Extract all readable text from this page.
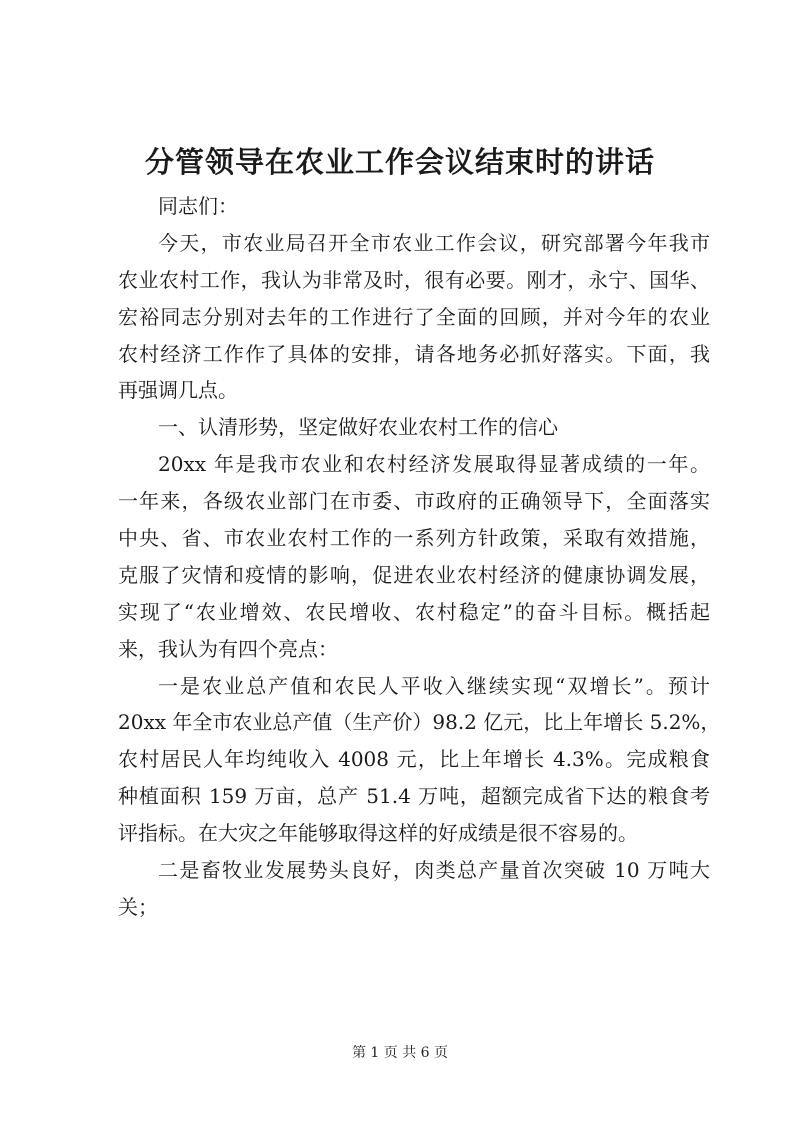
分管领导在农业工作会议结束时的讲话

同志们：

今天，市农业局召开全市农业工作会议，研究部署今年我市

农业农村工作，我认为非常及时，很有必要。刚才，永宁、国华、

宏裕同志分别对去年的工作进行了全面的回顾，并对今年的农业

农村经济工作作了具体的安排，请各地务必抓好落实。下面，我

再强调几点。

一、认清形势，坚定做好农业农村工作的信心

20xx 年是我市农业和农村经济发展取得显著成绩的一年。

一年来，各级农业部门在市委、市政府的正确领导下，全面落实

中央、省、市农业农村工作的一系列方针政策，采取有效措施，

克服了灾情和疫情的影响，促进农业农村经济的健康协调发展，

实现了“农业增效、农民增收、农村稳定”的奋斗目标。概括起

来，我认为有四个亮点：

一是农业总产值和农民人平收入继续实现“双增长”。预计

20xx 年全市农业总产值（生产价）98.2 亿元，比上年增长 5.2%，

农村居民人年均纯收入 4008 元，比上年增长 4.3%。完成粮食

种植面积 159 万亩，总产 51.4 万吨，超额完成省下达的粮食考

评指标。在大灾之年能够取得这样的好成绩是很不容易的。

二是畜牧业发展势头良好，肉类总产量首次突破 10 万吨大

关；

第 1 页 共 6 页
